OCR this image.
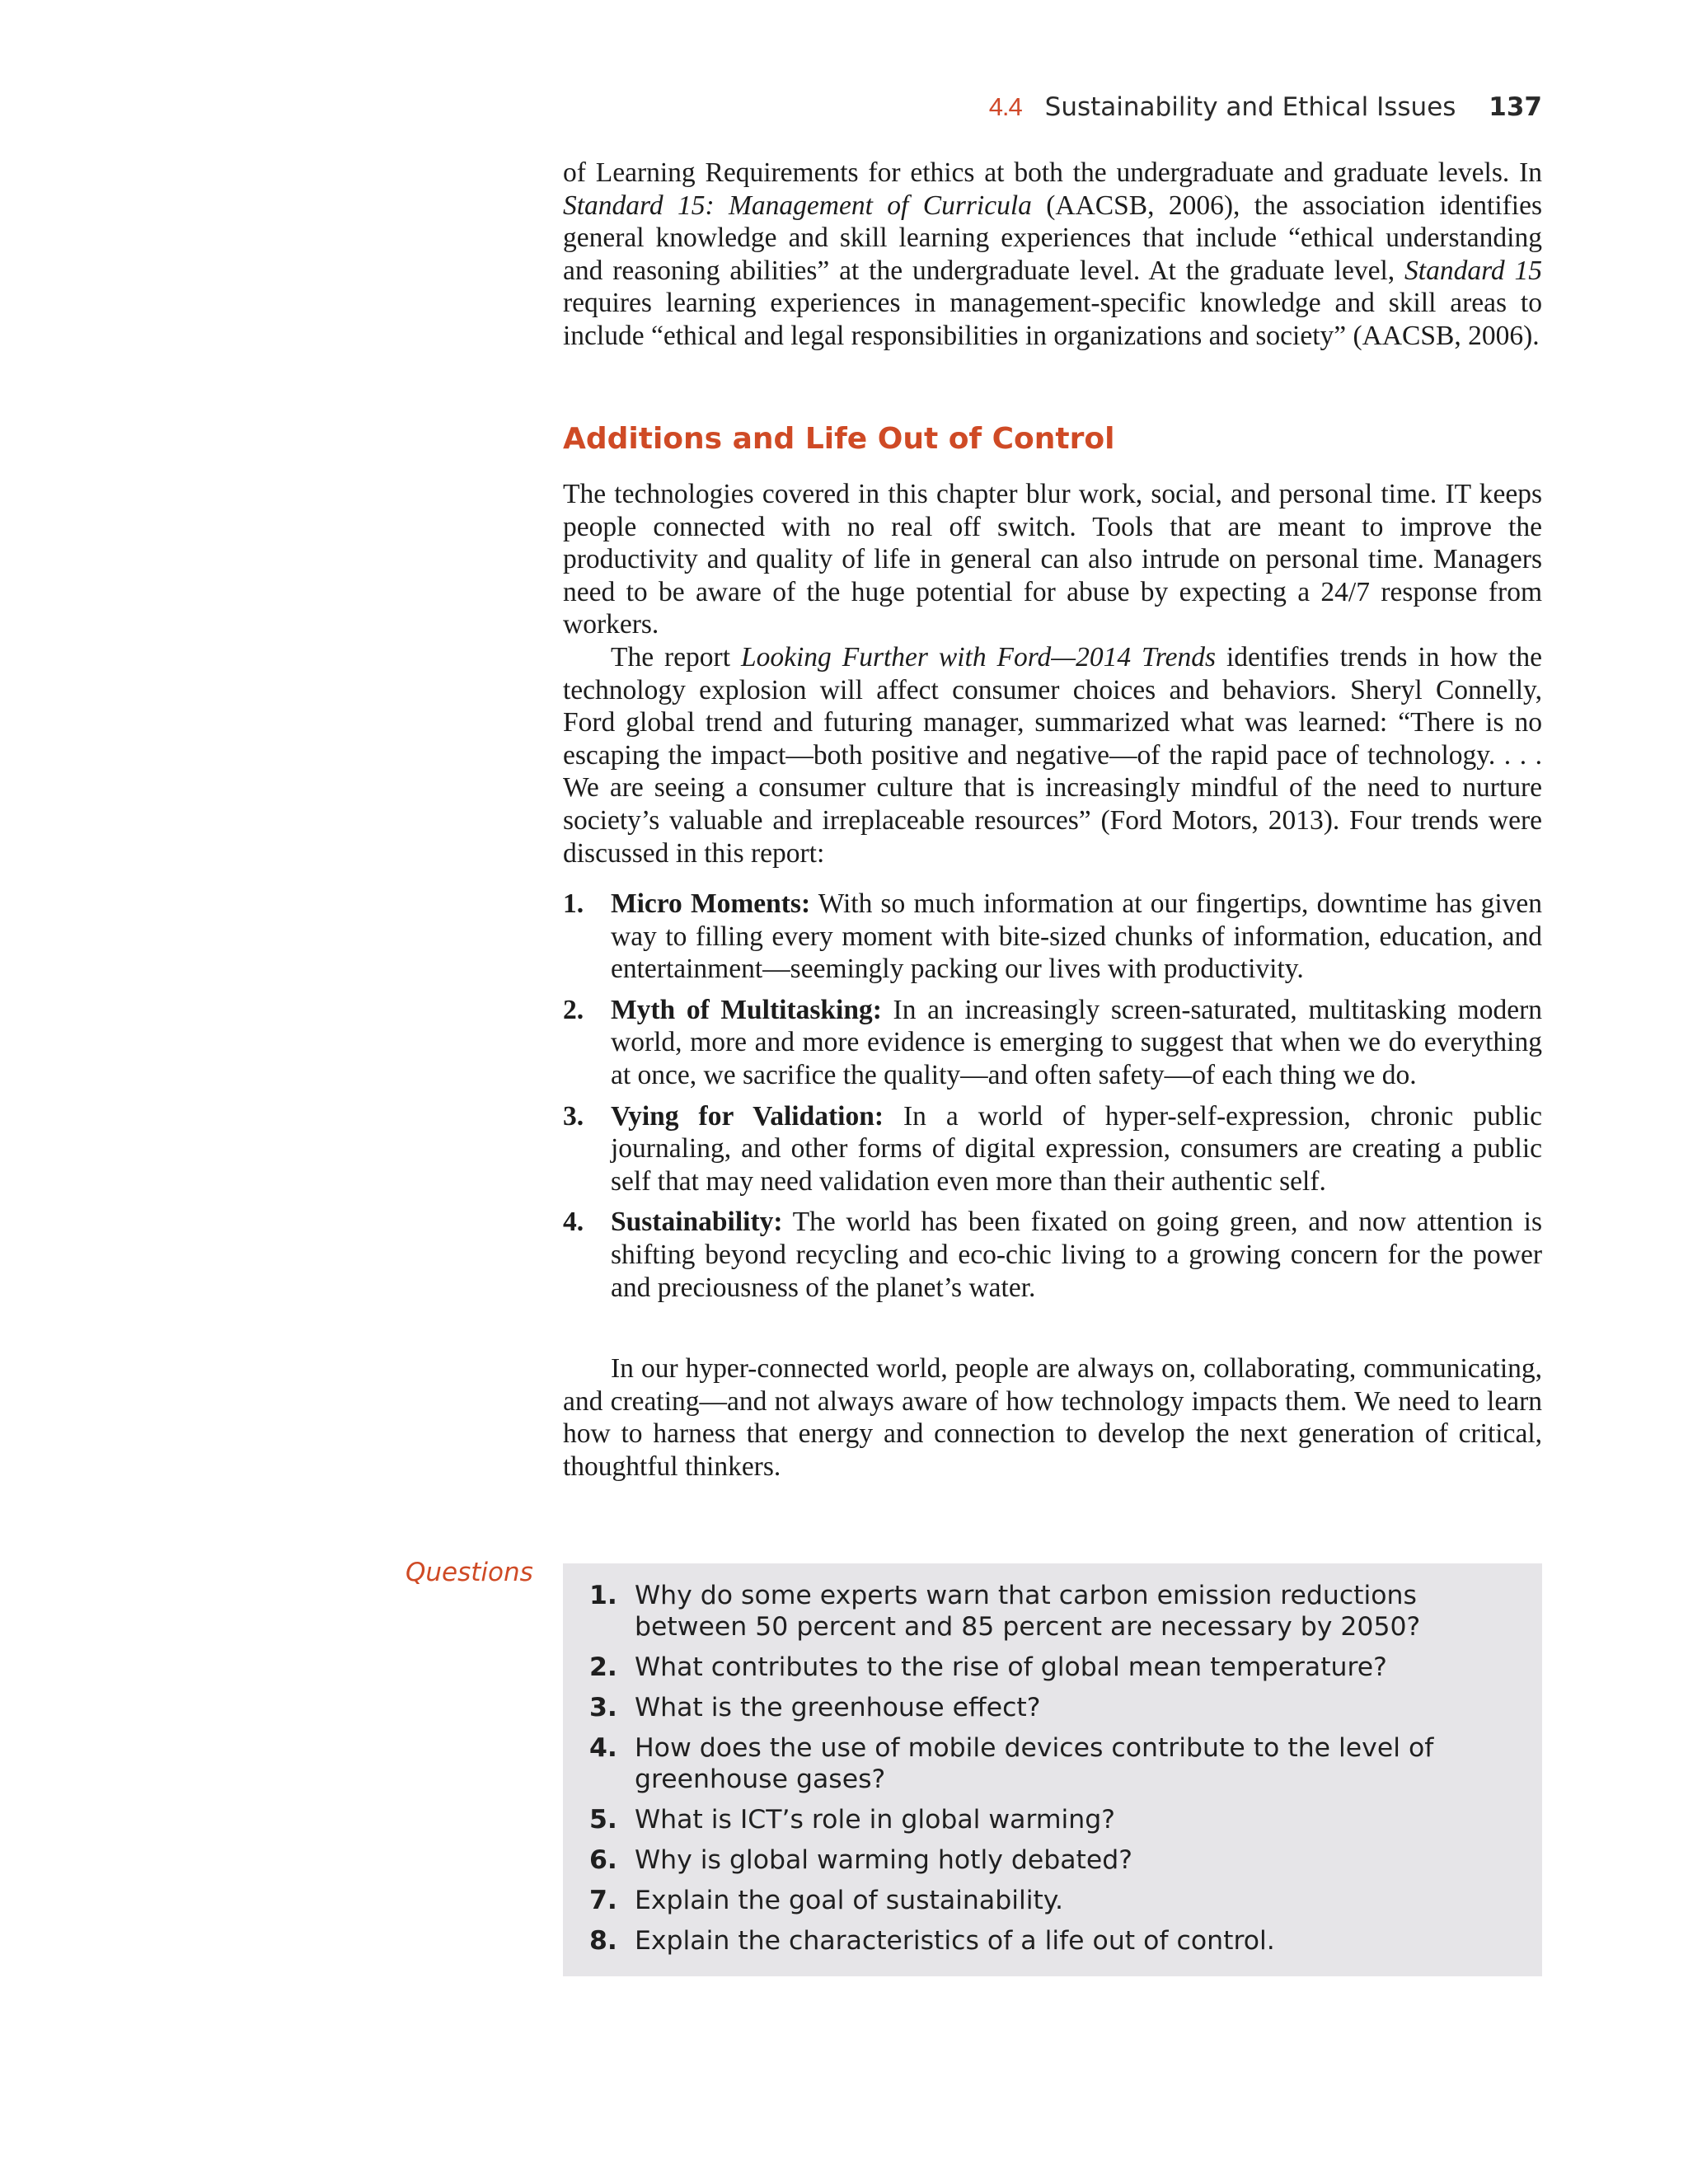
4.4 Sustainability and Ethical Issues 137

of Learning Requirements for ethics at both the undergraduate and graduate levels. In Standard 15: Management of Curricula (AACSB, 2006), the association identifies general knowledge and skill learning experiences that include “ethical understanding and reasoning abilities” at the undergraduate level. At the graduate level, Standard 15 requires learning experiences in management-specific knowledge and skill areas to include “ethical and legal responsibilities in organizations and society” (AACSB, 2006).

Additions and Life Out of Control

The technologies covered in this chapter blur work, social, and personal time. IT keeps people connected with no real off switch. Tools that are meant to improve the productivity and quality of life in general can also intrude on personal time. Managers need to be aware of the huge potential for abuse by expecting a 24/7 response from workers.

The report Looking Further with Ford—2014 Trends identifies trends in how the technology explosion will affect consumer choices and behaviors. Sheryl Connelly, Ford global trend and futuring manager, summarized what was learned: “There is no escaping the impact—both positive and negative—of the rapid pace of technology. . . . We are seeing a consumer culture that is increasingly mindful of the need to nurture society’s valuable and irreplaceable resources” (Ford Motors, 2013). Four trends were discussed in this report:

1. Micro Moments: With so much information at our fingertips, downtime has given way to filling every moment with bite-sized chunks of information, education, and entertainment—seemingly packing our lives with productivity.
2. Myth of Multitasking: In an increasingly screen-saturated, multitasking modern world, more and more evidence is emerging to suggest that when we do everything at once, we sacrifice the quality—and often safety—of each thing we do.
3. Vying for Validation: In a world of hyper-self-expression, chronic public journaling, and other forms of digital expression, consumers are creating a public self that may need validation even more than their authentic self.
4. Sustainability: The world has been fixated on going green, and now attention is shifting beyond recycling and eco-chic living to a growing concern for the power and preciousness of the planet’s water.

In our hyper-connected world, people are always on, collaborating, communicating, and creating—and not always aware of how technology impacts them. We need to learn how to harness that energy and connection to develop the next generation of critical, thoughtful thinkers.

Questions
1. Why do some experts warn that carbon emission reductions between 50 percent and 85 percent are necessary by 2050?
2. What contributes to the rise of global mean temperature?
3. What is the greenhouse effect?
4. How does the use of mobile devices contribute to the level of greenhouse gases?
5. What is ICT’s role in global warming?
6. Why is global warming hotly debated?
7. Explain the goal of sustainability.
8. Explain the characteristics of a life out of control.
